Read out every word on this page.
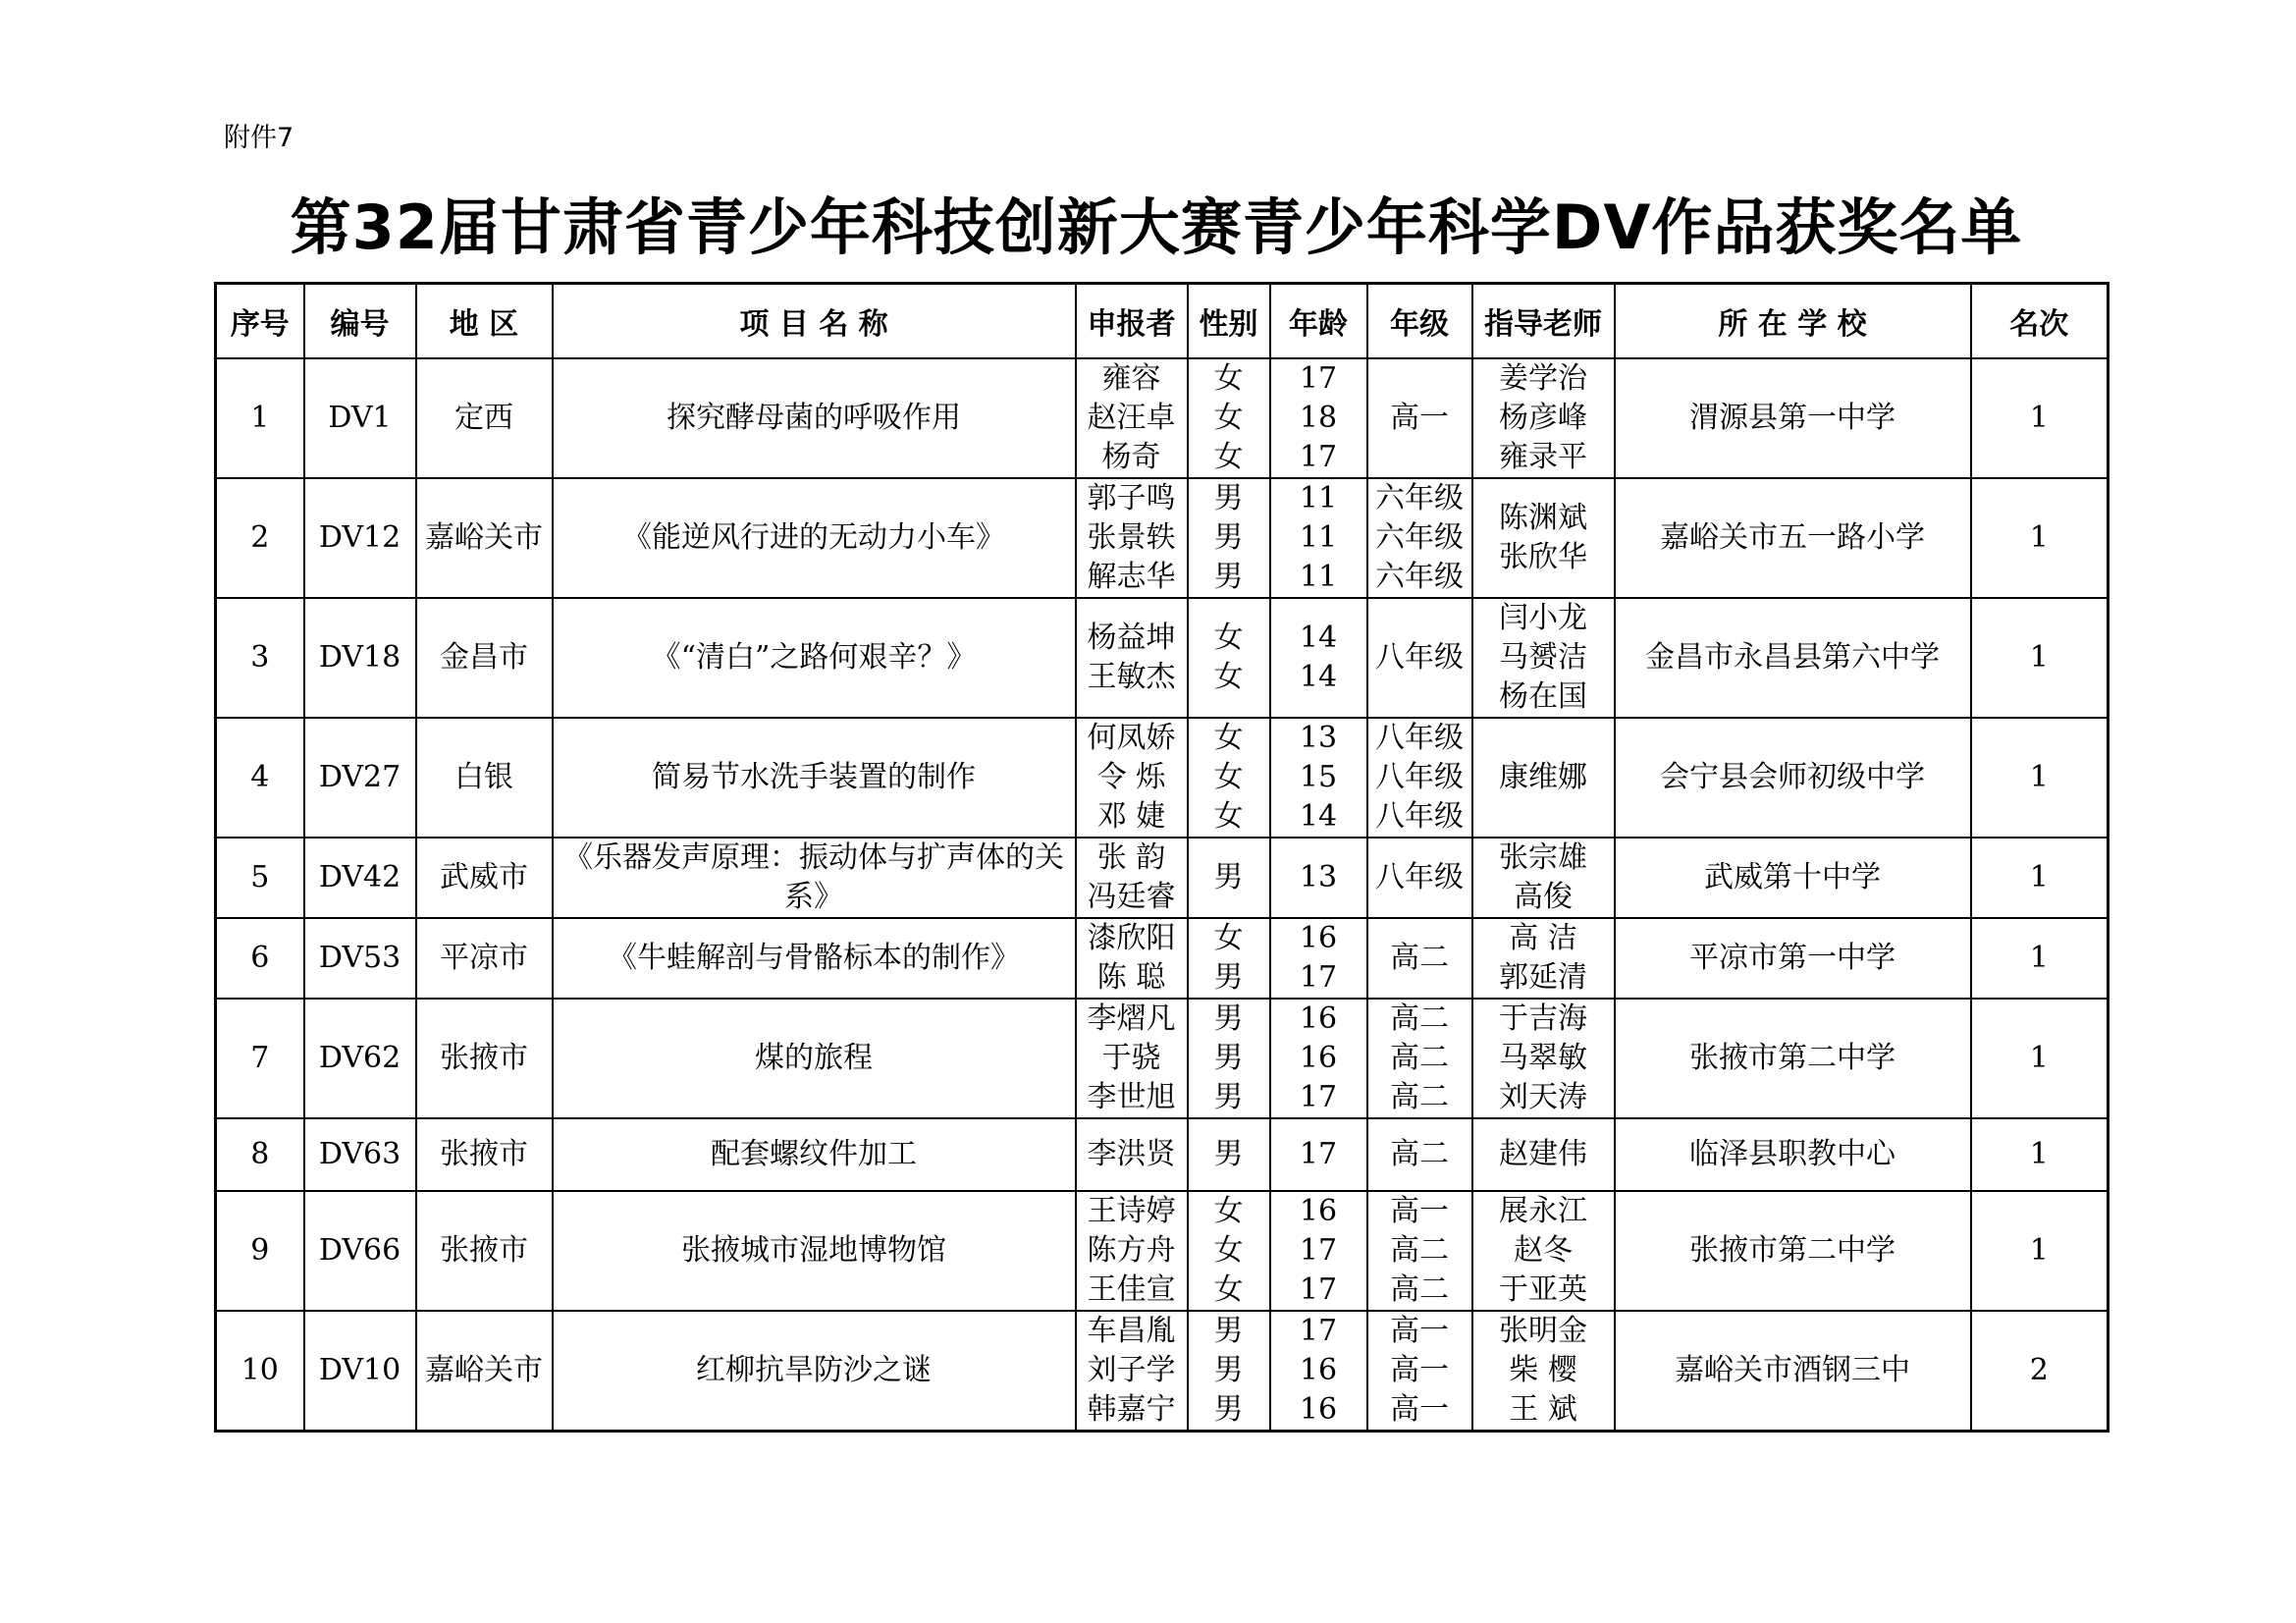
附件7
第32届甘肃省青少年科技创新大赛青少年科学DV作品获奖名单
序号	编号	地 区	项 目 名 称	申报者	性别	年龄	年级	指导老师	所 在 学 校	名次
1	DV1	定西	探究酵母菌的呼吸作用	雍容
赵汪卓
杨奇	女
女
女	17
18
17	高一	姜学治
杨彦峰
雍录平	渭源县第一中学	1
2	DV12	嘉峪关市	《能逆风行进的无动力小车》	郭子鸣
张景轶
解志华	男
男
男	11
11
11	六年级
六年级
六年级	陈渊斌
张欣华	嘉峪关市五一路小学	1
3	DV18	金昌市	《“清白”之路何艰辛？》	杨益坤
王敏杰	女
女	14
14	八年级	闫小龙
马赟洁
杨在国	金昌市永昌县第六中学	1
4	DV27	白银	简易节水洗手装置的制作	何凤娇
令 烁
邓 婕	女
女
女	13
15
14	八年级
八年级
八年级	康维娜	会宁县会师初级中学	1
5	DV42	武威市	《乐器发声原理：振动体与扩声体的关系》	张 韵
冯廷睿	男	13	八年级	张宗雄
高俊	武威第十中学	1
6	DV53	平凉市	《牛蛙解剖与骨骼标本的制作》	漆欣阳
陈 聪	女
男	16
17	高二	高 洁
郭延清	平凉市第一中学	1
7	DV62	张掖市	煤的旅程	李熠凡
于骁
李世旭	男
男
男	16
16
17	高二
高二
高二	于吉海
马翠敏
刘天涛	张掖市第二中学	1
8	DV63	张掖市	配套螺纹件加工	李洪贤	男	17	高二	赵建伟	临泽县职教中心	1
9	DV66	张掖市	张掖城市湿地博物馆	王诗婷
陈方舟
王佳宣	女
女
女	16
17
17	高一
高二
高二	展永江
赵冬
于亚英	张掖市第二中学	1
10	DV10	嘉峪关市	红柳抗旱防沙之谜	车昌胤
刘子学
韩嘉宁	男
男
男	17
16
16	高一
高一
高一	张明金
柴 樱
王 斌	嘉峪关市酒钢三中	2
